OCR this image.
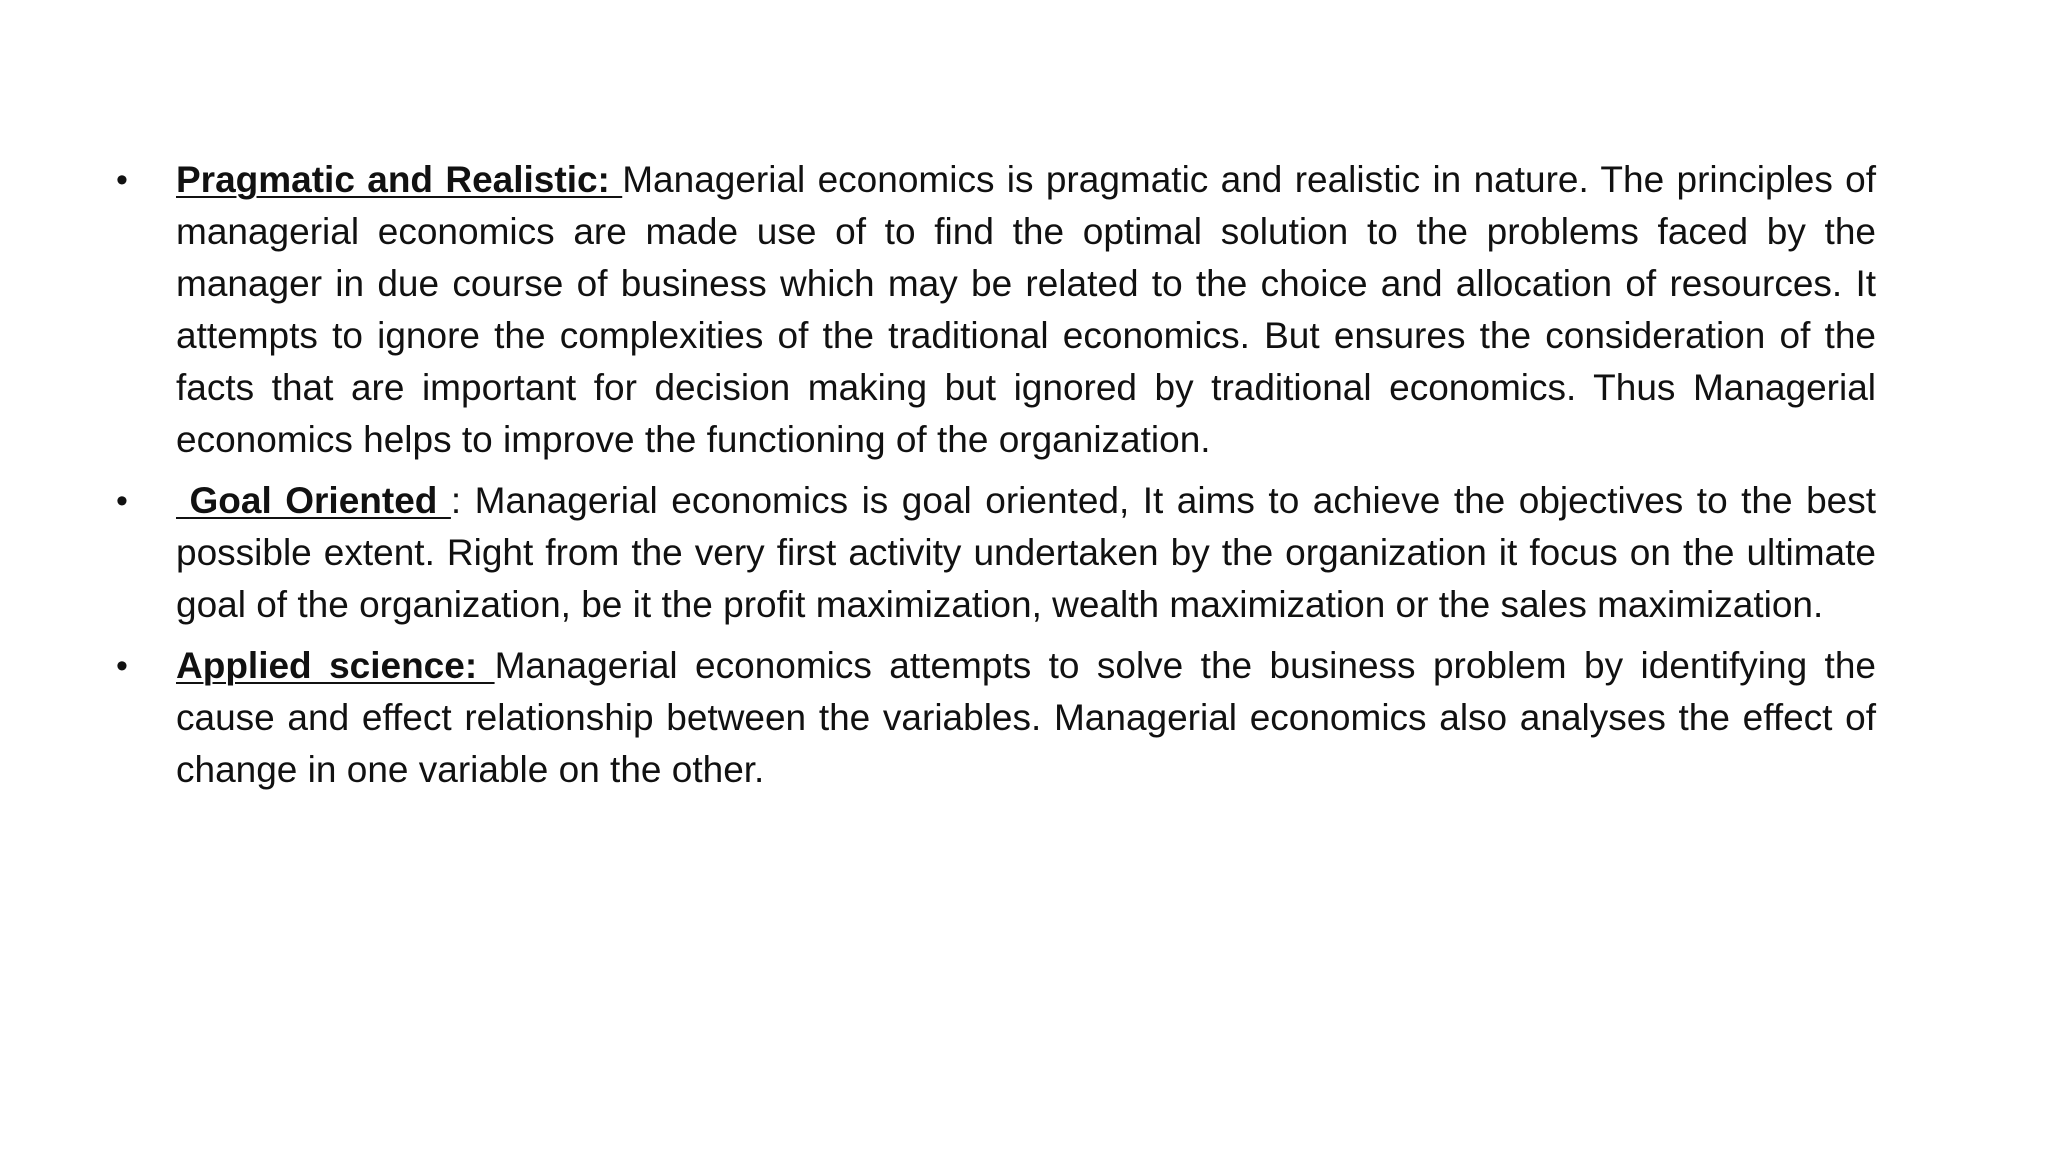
•	Pragmatic and Realistic: Managerial economics is pragmatic and realistic in nature. The principles of managerial economics are made use of to find the optimal solution to the problems faced by the manager in due course of business which may be related to the choice and allocation of resources. It attempts to ignore the complexities of the traditional economics. But ensures the consideration of the facts that are important for decision making but ignored by traditional economics. Thus Managerial economics helps to improve the functioning of the organization.
•	Goal Oriented : Managerial economics is goal oriented, It aims to achieve the objectives to the best possible extent. Right from the very first activity undertaken by the organization it focus on the ultimate goal of the organization, be it the profit maximization, wealth maximization or the sales maximization.
•	Applied science: Managerial economics attempts to solve the business problem by identifying the cause and effect relationship between the variables. Managerial economics also analyses the effect of change in one variable on the other.
